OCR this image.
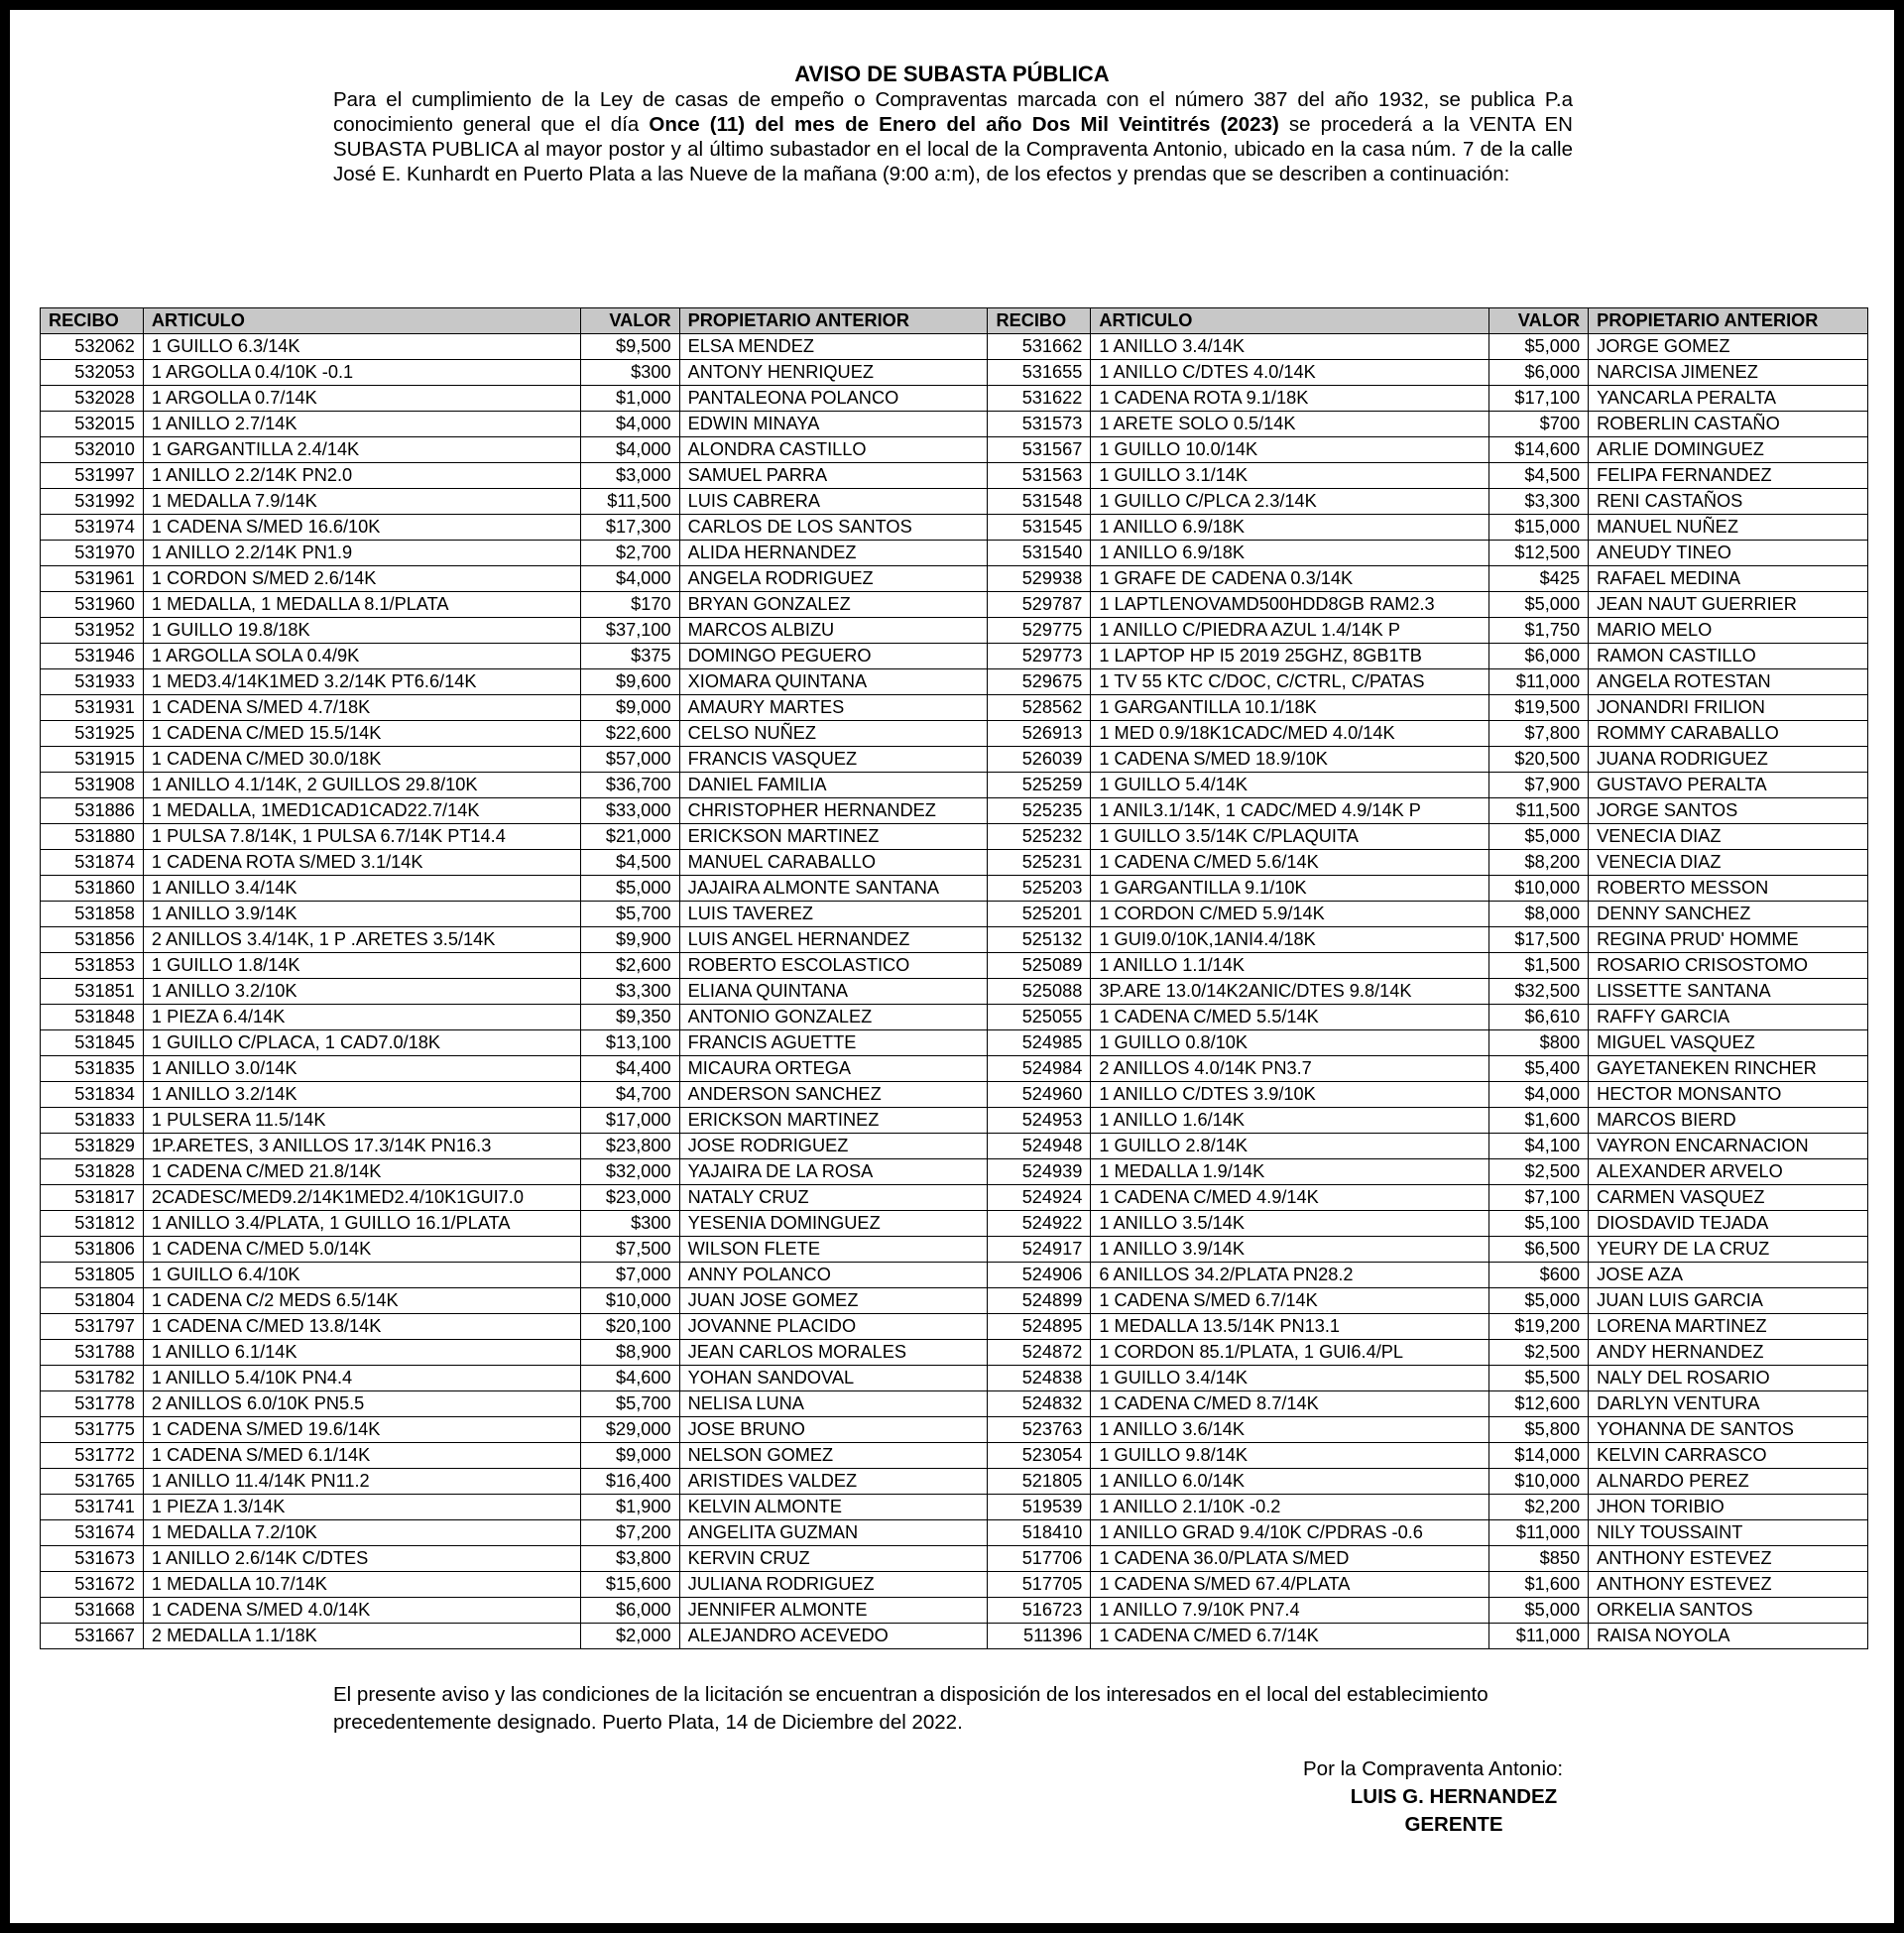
AVISO DE SUBASTA PÚBLICA
Para el cumplimiento de la Ley de casas de empeño o Compraventas marcada con el número 387 del año 1932, se publica P.a conocimiento general que el día Once (11) del mes de Enero del año Dos Mil Veintitrés (2023) se procederá a la VENTA EN SUBASTA PUBLICA al mayor postor y al último subastador en el local de la Compraventa Antonio, ubicado en la casa núm. 7 de la calle José E. Kunhardt en Puerto Plata a las Nueve de la mañana (9:00 a:m), de los efectos y prendas que se describen a continuación:
RECIBO	ARTICULO	VALOR	PROPIETARIO ANTERIOR	RECIBO	ARTICULO	VALOR	PROPIETARIO ANTERIOR
532062	1 GUILLO 6.3/14K	$9,500	ELSA MENDEZ	531662	1 ANILLO 3.4/14K	$5,000	JORGE GOMEZ
532053	1 ARGOLLA 0.4/10K -0.1	$300	ANTONY HENRIQUEZ	531655	1 ANILLO C/DTES 4.0/14K	$6,000	NARCISA JIMENEZ
532028	1 ARGOLLA 0.7/14K	$1,000	PANTALEONA POLANCO	531622	1 CADENA ROTA 9.1/18K	$17,100	YANCARLA PERALTA
532015	1 ANILLO 2.7/14K	$4,000	EDWIN MINAYA	531573	1 ARETE SOLO 0.5/14K	$700	ROBERLIN CASTAÑO
532010	1 GARGANTILLA 2.4/14K	$4,000	ALONDRA CASTILLO	531567	1 GUILLO 10.0/14K	$14,600	ARLIE DOMINGUEZ
531997	1 ANILLO 2.2/14K PN2.0	$3,000	SAMUEL PARRA	531563	1 GUILLO 3.1/14K	$4,500	FELIPA FERNANDEZ
531992	1 MEDALLA 7.9/14K	$11,500	LUIS CABRERA	531548	1 GUILLO C/PLCA 2.3/14K	$3,300	RENI CASTAÑOS
531974	1 CADENA S/MED 16.6/10K	$17,300	CARLOS DE LOS SANTOS	531545	1 ANILLO 6.9/18K	$15,000	MANUEL NUÑEZ
531970	1 ANILLO 2.2/14K PN1.9	$2,700	ALIDA HERNANDEZ	531540	1 ANILLO 6.9/18K	$12,500	ANEUDY TINEO
531961	1 CORDON S/MED 2.6/14K	$4,000	ANGELA RODRIGUEZ	529938	1 GRAFE DE CADENA 0.3/14K	$425	RAFAEL MEDINA
531960	1 MEDALLA, 1 MEDALLA 8.1/PLATA	$170	BRYAN GONZALEZ	529787	1 LAPTLENOVAMD500HDD8GB RAM2.3	$5,000	JEAN NAUT GUERRIER
531952	1 GUILLO 19.8/18K	$37,100	MARCOS ALBIZU	529775	1 ANILLO C/PIEDRA AZUL 1.4/14K P	$1,750	MARIO MELO
531946	1 ARGOLLA SOLA 0.4/9K	$375	DOMINGO PEGUERO	529773	1 LAPTOP HP I5 2019 25GHZ, 8GB1TB	$6,000	RAMON CASTILLO
531933	1 MED3.4/14K1MED 3.2/14K PT6.6/14K	$9,600	XIOMARA QUINTANA	529675	1 TV 55 KTC C/DOC, C/CTRL, C/PATAS	$11,000	ANGELA ROTESTAN
531931	1 CADENA S/MED 4.7/18K	$9,000	AMAURY MARTES	528562	1 GARGANTILLA 10.1/18K	$19,500	JONANDRI FRILION
531925	1 CADENA C/MED 15.5/14K	$22,600	CELSO NUÑEZ	526913	1 MED 0.9/18K1CADC/MED 4.0/14K	$7,800	ROMMY CARABALLO
531915	1 CADENA C/MED 30.0/18K	$57,000	FRANCIS VASQUEZ	526039	1 CADENA S/MED 18.9/10K	$20,500	JUANA RODRIGUEZ
531908	1 ANILLO 4.1/14K, 2 GUILLOS 29.8/10K	$36,700	DANIEL FAMILIA	525259	1 GUILLO 5.4/14K	$7,900	GUSTAVO PERALTA
531886	1 MEDALLA, 1MED1CAD1CAD22.7/14K	$33,000	CHRISTOPHER HERNANDEZ	525235	1 ANIL3.1/14K, 1 CADC/MED 4.9/14K P	$11,500	JORGE SANTOS
531880	1 PULSA 7.8/14K, 1 PULSA 6.7/14K PT14.4	$21,000	ERICKSON MARTINEZ	525232	1 GUILLO 3.5/14K C/PLAQUITA	$5,000	VENECIA DIAZ
531874	1 CADENA ROTA S/MED 3.1/14K	$4,500	MANUEL CARABALLO	525231	1 CADENA C/MED 5.6/14K	$8,200	VENECIA DIAZ
531860	1 ANILLO 3.4/14K	$5,000	JAJAIRA ALMONTE SANTANA	525203	1 GARGANTILLA 9.1/10K	$10,000	ROBERTO MESSON
531858	1 ANILLO 3.9/14K	$5,700	LUIS TAVEREZ	525201	1 CORDON C/MED 5.9/14K	$8,000	DENNY SANCHEZ
531856	2 ANILLOS 3.4/14K, 1 P .ARETES 3.5/14K	$9,900	LUIS ANGEL HERNANDEZ	525132	1 GUI9.0/10K,1ANI4.4/18K	$17,500	REGINA PRUD' HOMME
531853	1 GUILLO 1.8/14K	$2,600	ROBERTO ESCOLASTICO	525089	1 ANILLO 1.1/14K	$1,500	ROSARIO CRISOSTOMO
531851	1 ANILLO 3.2/10K	$3,300	ELIANA QUINTANA	525088	3P.ARE 13.0/14K2ANIC/DTES 9.8/14K	$32,500	LISSETTE SANTANA
531848	1 PIEZA 6.4/14K	$9,350	ANTONIO GONZALEZ	525055	1 CADENA C/MED 5.5/14K	$6,610	RAFFY GARCIA
531845	1 GUILLO C/PLACA, 1 CAD7.0/18K	$13,100	FRANCIS AGUETTE	524985	1 GUILLO 0.8/10K	$800	MIGUEL VASQUEZ
531835	1 ANILLO 3.0/14K	$4,400	MICAURA ORTEGA	524984	2 ANILLOS 4.0/14K PN3.7	$5,400	GAYETANEKEN RINCHER
531834	1 ANILLO 3.2/14K	$4,700	ANDERSON SANCHEZ	524960	1 ANILLO C/DTES 3.9/10K	$4,000	HECTOR MONSANTO
531833	1 PULSERA 11.5/14K	$17,000	ERICKSON MARTINEZ	524953	1 ANILLO 1.6/14K	$1,600	MARCOS BIERD
531829	1P.ARETES, 3 ANILLOS 17.3/14K PN16.3	$23,800	JOSE RODRIGUEZ	524948	1 GUILLO 2.8/14K	$4,100	VAYRON ENCARNACION
531828	1 CADENA C/MED 21.8/14K	$32,000	YAJAIRA DE LA ROSA	524939	1 MEDALLA 1.9/14K	$2,500	ALEXANDER ARVELO
531817	2CADESC/MED9.2/14K1MED2.4/10K1GUI7.0	$23,000	NATALY CRUZ	524924	1 CADENA C/MED 4.9/14K	$7,100	CARMEN VASQUEZ
531812	1 ANILLO 3.4/PLATA, 1 GUILLO 16.1/PLATA	$300	YESENIA DOMINGUEZ	524922	1 ANILLO 3.5/14K	$5,100	DIOSDAVID TEJADA
531806	1 CADENA C/MED 5.0/14K	$7,500	WILSON FLETE	524917	1 ANILLO 3.9/14K	$6,500	YEURY DE LA CRUZ
531805	1 GUILLO 6.4/10K	$7,000	ANNY POLANCO	524906	6 ANILLOS 34.2/PLATA PN28.2	$600	JOSE AZA
531804	1 CADENA C/2 MEDS 6.5/14K	$10,000	JUAN JOSE GOMEZ	524899	1 CADENA S/MED 6.7/14K	$5,000	JUAN LUIS GARCIA
531797	1 CADENA C/MED 13.8/14K	$20,100	JOVANNE PLACIDO	524895	1 MEDALLA 13.5/14K PN13.1	$19,200	LORENA MARTINEZ
531788	1 ANILLO 6.1/14K	$8,900	JEAN CARLOS MORALES	524872	1 CORDON 85.1/PLATA, 1 GUI6.4/PL	$2,500	ANDY HERNANDEZ
531782	1 ANILLO 5.4/10K PN4.4	$4,600	YOHAN SANDOVAL	524838	1 GUILLO 3.4/14K	$5,500	NALY DEL ROSARIO
531778	2 ANILLOS 6.0/10K PN5.5	$5,700	NELISA LUNA	524832	1 CADENA C/MED 8.7/14K	$12,600	DARLYN VENTURA
531775	1 CADENA S/MED 19.6/14K	$29,000	JOSE BRUNO	523763	1 ANILLO 3.6/14K	$5,800	YOHANNA DE SANTOS
531772	1 CADENA S/MED 6.1/14K	$9,000	NELSON GOMEZ	523054	1 GUILLO 9.8/14K	$14,000	KELVIN CARRASCO
531765	1 ANILLO 11.4/14K PN11.2	$16,400	ARISTIDES VALDEZ	521805	1 ANILLO 6.0/14K	$10,000	ALNARDO PEREZ
531741	1 PIEZA 1.3/14K	$1,900	KELVIN ALMONTE	519539	1 ANILLO 2.1/10K -0.2	$2,200	JHON TORIBIO
531674	1 MEDALLA 7.2/10K	$7,200	ANGELITA GUZMAN	518410	1 ANILLO GRAD 9.4/10K C/PDRAS -0.6	$11,000	NILY TOUSSAINT
531673	1 ANILLO 2.6/14K C/DTES	$3,800	KERVIN CRUZ	517706	1 CADENA 36.0/PLATA S/MED	$850	ANTHONY ESTEVEZ
531672	1 MEDALLA 10.7/14K	$15,600	JULIANA RODRIGUEZ	517705	1 CADENA S/MED 67.4/PLATA	$1,600	ANTHONY ESTEVEZ
531668	1 CADENA S/MED 4.0/14K	$6,000	JENNIFER ALMONTE	516723	1 ANILLO 7.9/10K PN7.4	$5,000	ORKELIA SANTOS
531667	2 MEDALLA 1.1/18K	$2,000	ALEJANDRO ACEVEDO	511396	1 CADENA C/MED 6.7/14K	$11,000	RAISA NOYOLA
El presente aviso y las condiciones de la licitación se encuentran a disposición de los interesados en el local del establecimiento precedentemente designado. Puerto Plata, 14 de Diciembre del 2022.
Por la Compraventa Antonio:
LUIS G. HERNANDEZ
GERENTE
